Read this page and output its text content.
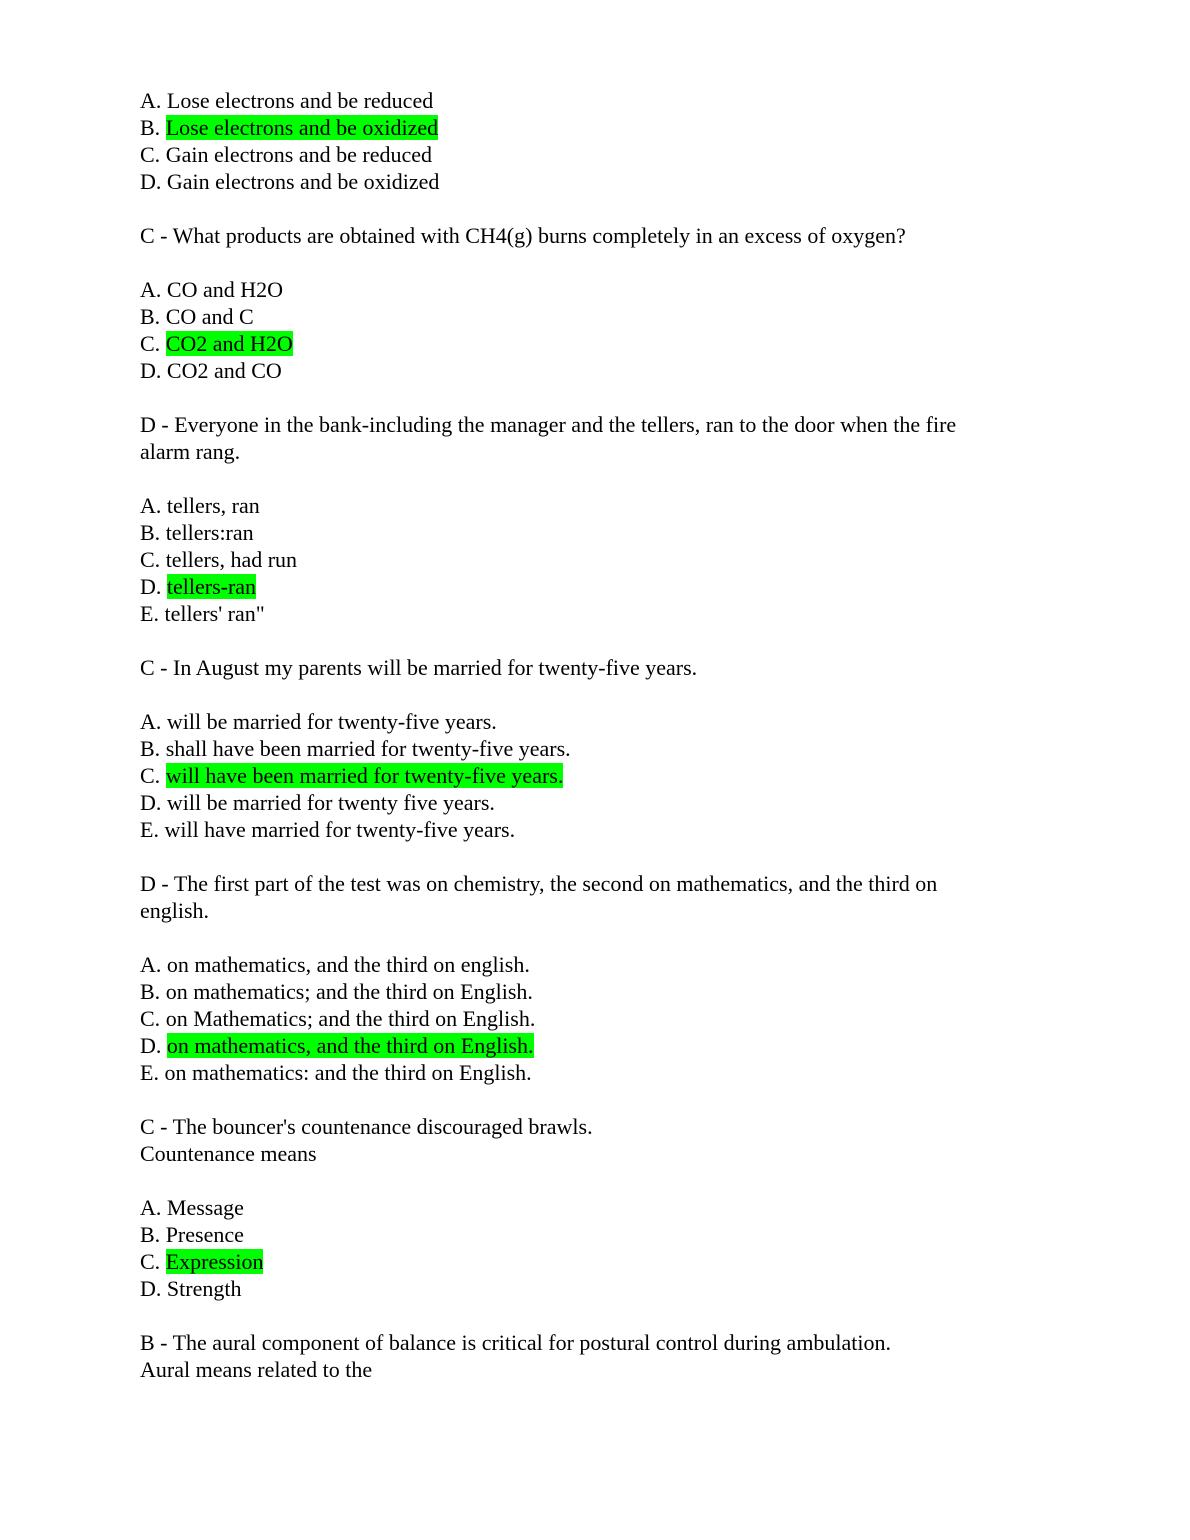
A. Lose electrons and be reduced
B. Lose electrons and be oxidized
C. Gain electrons and be reduced
D. Gain electrons and be oxidized
C - What products are obtained with CH4(g) burns completely in an excess of oxygen?
A. CO and H2O
B. CO and C
C. CO2 and H2O
D. CO2 and CO
D - Everyone in the bank-including the manager and the tellers, ran to the door when the fire
alarm rang.
A. tellers, ran
B. tellers:ran
C. tellers, had run
D. tellers-ran
E. tellers' ran"
C - In August my parents will be married for twenty-five years.
A. will be married for twenty-five years.
B. shall have been married for twenty-five years.
C. will have been married for twenty-five years.
D. will be married for twenty five years.
E. will have married for twenty-five years.
D - The first part of the test was on chemistry, the second on mathematics, and the third on
english.
A. on mathematics, and the third on english.
B. on mathematics; and the third on English.
C. on Mathematics; and the third on English.
D. on mathematics, and the third on English.
E. on mathematics: and the third on English.
C - The bouncer's countenance discouraged brawls.
Countenance means
A. Message
B. Presence
C. Expression
D. Strength
B - The aural component of balance is critical for postural control during ambulation.
Aural means related to the
